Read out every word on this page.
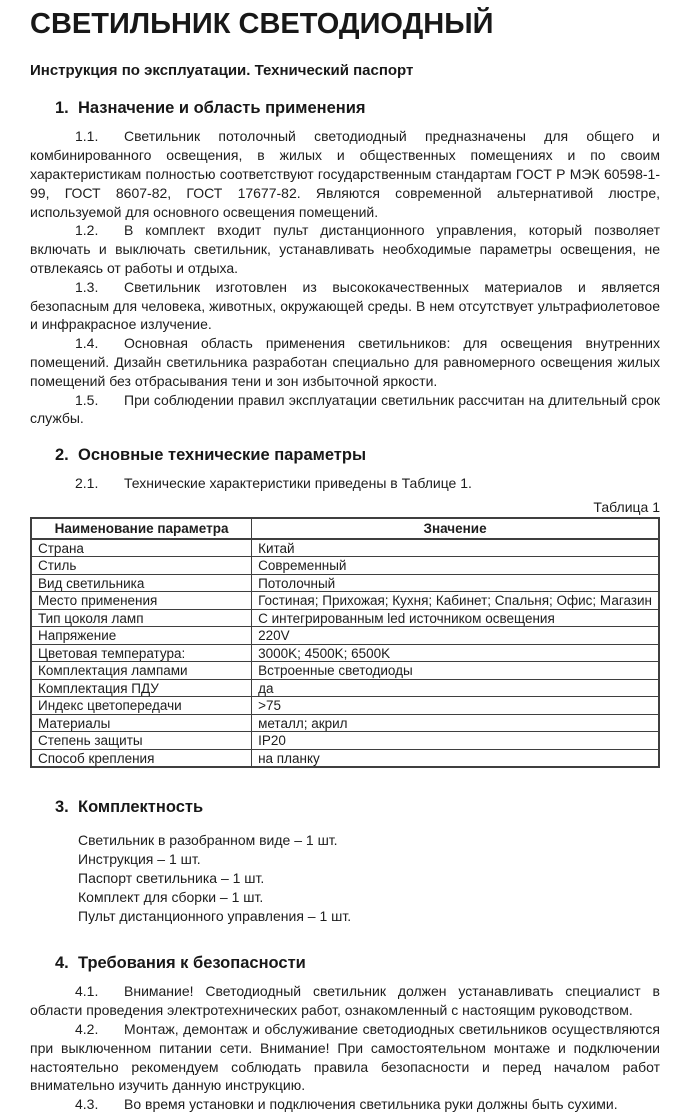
СВЕТИЛЬНИК СВЕТОДИОДНЫЙ
Инструкция по эксплуатации. Технический паспорт
1. Назначение и область применения

1.1. Светильник потолочный светодиодный предназначены для общего и комбинированного освещения, в жилых и общественных помещениях и по своим характеристикам полностью соответствуют государственным стандартам ГОСТ Р МЭК 60598-1-99, ГОСТ 8607-82, ГОСТ 17677-82. Являются современной альтернативой люстре, используемой для основного освещения помещений.

1.2. В комплект входит пульт дистанционного управления, который позволяет включать и выключать светильник, устанавливать необходимые параметры освещения, не отвлекаясь от работы и отдыха.

1.3. Светильник изготовлен из высококачественных материалов и является безопасным для человека, животных, окружающей среды. В нем отсутствует ультрафиолетовое и инфракрасное излучение.

1.4. Основная область применения светильников: для освещения внутренних помещений. Дизайн светильника разработан специально для равномерного освещения жилых помещений без отбрасывания тени и зон избыточной яркости.

1.5. При соблюдении правил эксплуатации светильник рассчитан на длительный срок службы.

2. Основные технические параметры

2.1. Технические характеристики приведены в Таблице 1.

Таблица 1
Наименование параметра	Значение
Страна	Китай
Стиль	Современный
Вид светильника	Потолочный
Место применения	Гостиная; Прихожая; Кухня; Кабинет; Спальня; Офис; Магазин
Тип цоколя ламп	С интегрированным led источником освещения
Напряжение	220V
Цветовая температура:	3000K; 4500K; 6500K
Комплектация лампами	Встроенные светодиоды
Комплектация ПДУ	да
Индекс цветопередачи	>75
Материалы	металл; акрил
Степень защиты	IP20
Способ крепления	на планку
3. Комплектность
Светильник в разобранном виде – 1 шт.
Инструкция – 1 шт.
Паспорт светильника – 1 шт.
Комплект для сборки – 1 шт.
Пульт дистанционного управления – 1 шт.
4. Требования к безопасности

4.1. Внимание! Светодиодный светильник должен устанавливать специалист в области проведения электротехнических работ, ознакомленный с настоящим руководством.

4.2. Монтаж, демонтаж и обслуживание светодиодных светильников осуществляются при выключенном питании сети. Внимание! При самостоятельном монтаже и подключении настоятельно рекомендуем соблюдать правила безопасности и перед началом работ внимательно изучить данную инструкцию.

4.3. Во время установки и подключения светильника руки должны быть сухими.
